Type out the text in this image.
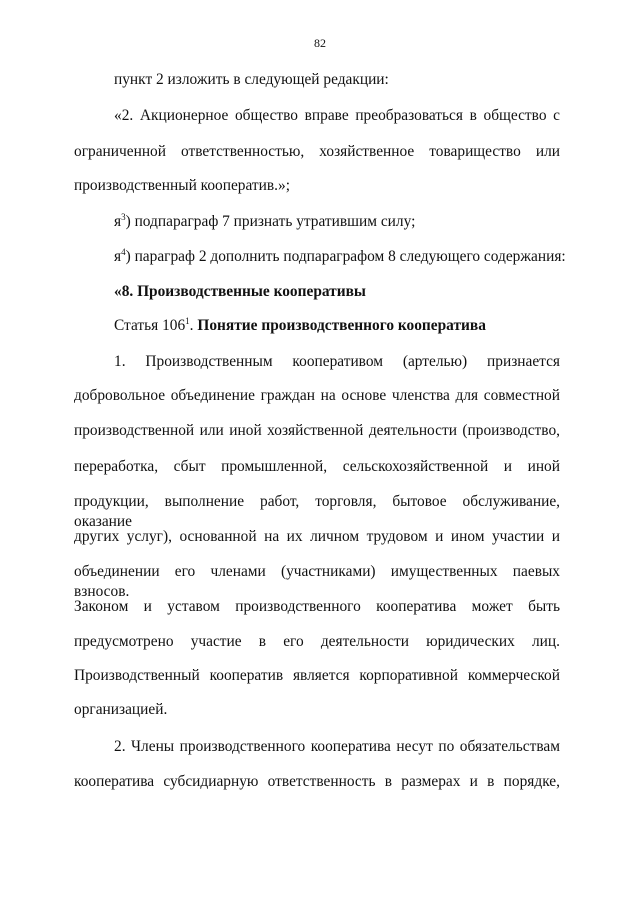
82
пункт 2 изложить в следующей редакции:
«2. Акционерное общество вправе преобразоваться в общество с
ограниченной ответственностью, хозяйственное товарищество или
производственный кооператив.»;
$я^3$) подпараграф 7 признать утратившим силу;
$я^4$) параграф 2 дополнить подпараграфом 8 следующего содержания:
«8. Производственные кооперативы
Статья $106^1$. Понятие производственного кооператива
1. Производственным кооперативом (артелью) признается
добровольное объединение граждан на основе членства для совместной
производственной или иной хозяйственной деятельности (производство,
переработка, сбыт промышленной, сельскохозяйственной и иной
продукции, выполнение работ, торговля, бытовое обслуживание, оказание
других услуг), основанной на их личном трудовом и ином участии и
объединении его членами (участниками) имущественных паевых взносов.
Законом и уставом производственного кооператива может быть
предусмотрено участие в его деятельности юридических лиц.
Производственный кооператив является корпоративной коммерческой
организацией.
2. Члены производственного кооператива несут по обязательствам
кооператива субсидиарную ответственность в размерах и в порядке,
